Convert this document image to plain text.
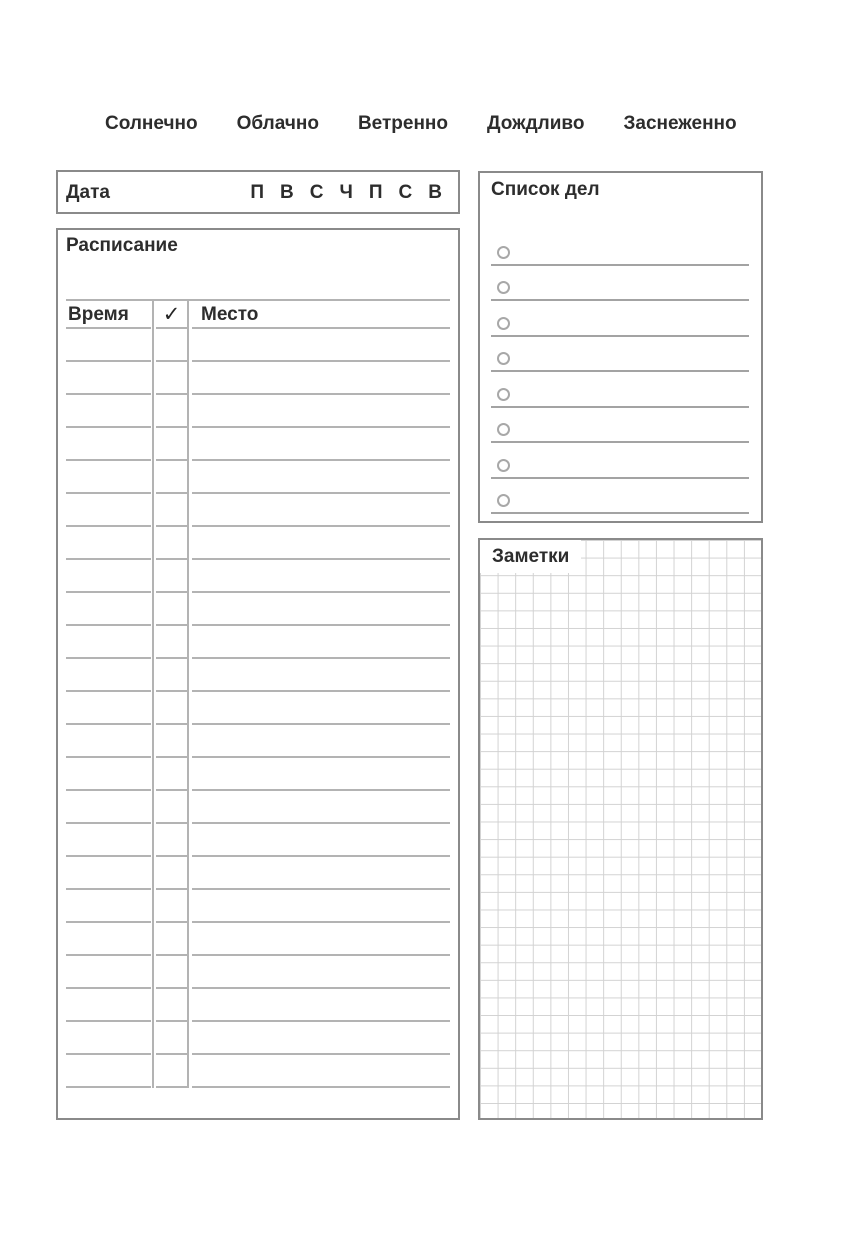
Солнечно Облачно Ветренно Дождливо Заснеженно
Дата	П В С Ч П С В
Расписание
Время	✓	Место
Список дел
Заметки
